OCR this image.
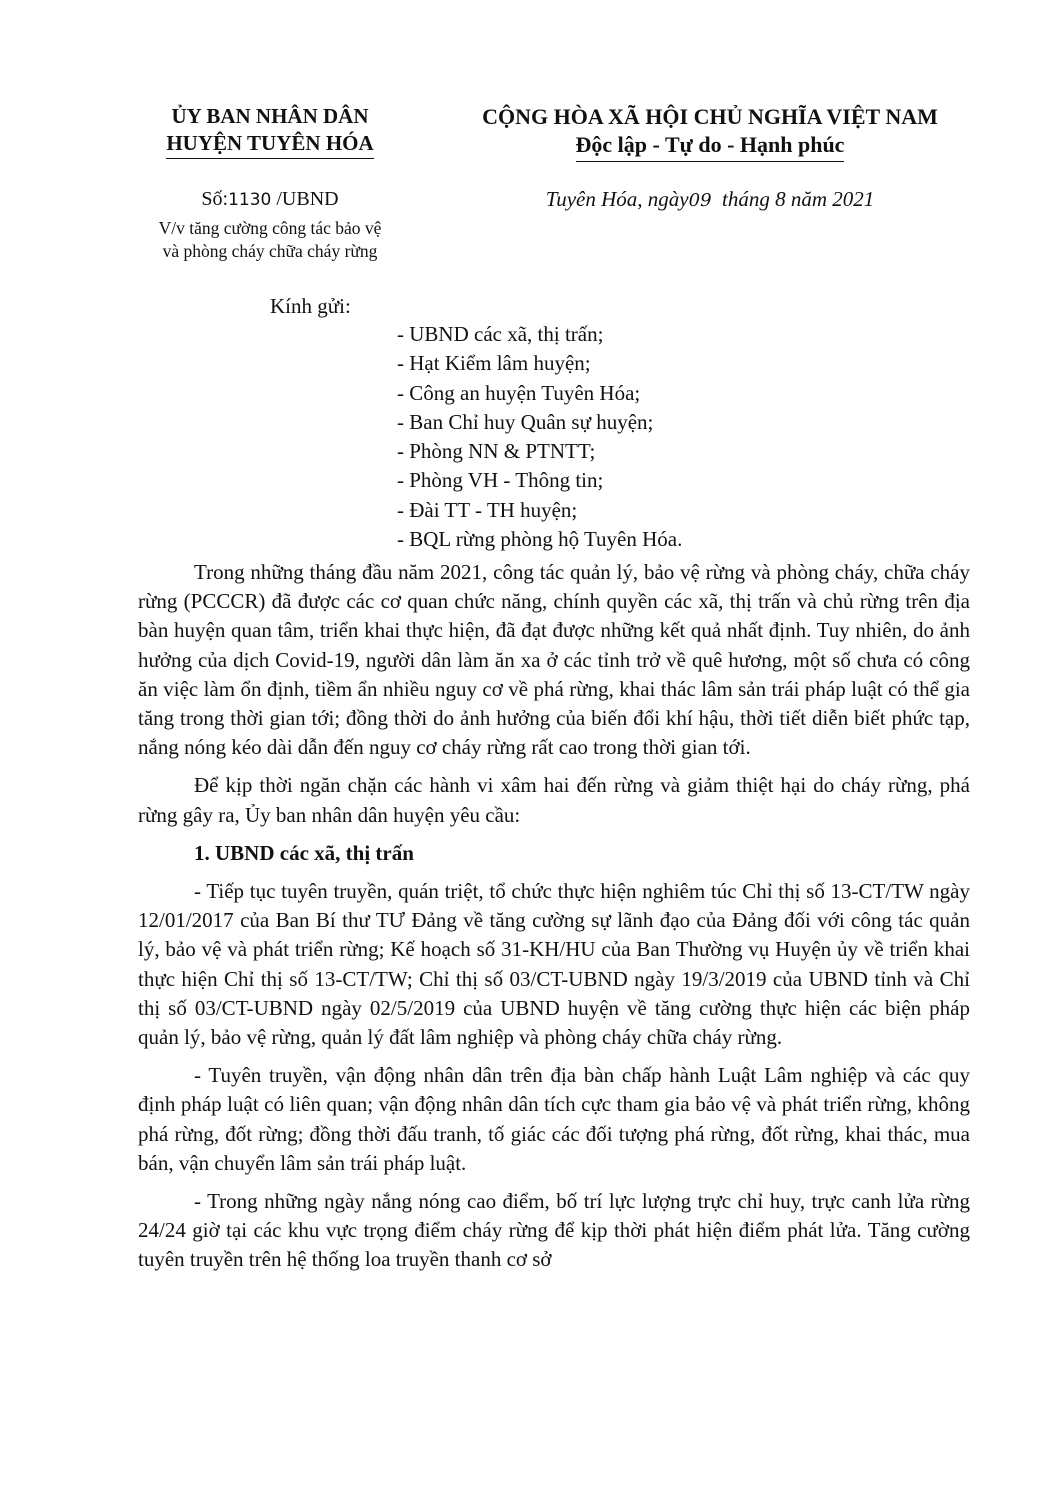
ỦY BAN NHÂN DÂN
HUYỆN TUYÊN HÓA
CỘNG HÒA XÃ HỘI CHỦ NGHĨA VIỆT NAM
Độc lập - Tự do - Hạnh phúc
Số:1130 /UBND
V/v tăng cường công tác bảo vệ
và phòng cháy chữa cháy rừng
Tuyên Hóa, ngày09 tháng 8 năm 2021
Kính gửi:
- UBND các xã, thị trấn;
- Hạt Kiểm lâm huyện;
- Công an huyện Tuyên Hóa;
- Ban Chỉ huy Quân sự huyện;
- Phòng NN & PTNTT;
- Phòng VH - Thông tin;
- Đài TT - TH huyện;
- BQL rừng phòng hộ Tuyên Hóa.

Trong những tháng đầu năm 2021, công tác quản lý, bảo vệ rừng và phòng cháy, chữa cháy rừng (PCCCR) đã được các cơ quan chức năng, chính quyền các xã, thị trấn và chủ rừng trên địa bàn huyện quan tâm, triển khai thực hiện, đã đạt được những kết quả nhất định. Tuy nhiên, do ảnh hưởng của dịch Covid-19, người dân làm ăn xa ở các tỉnh trở về quê hương, một số chưa có công ăn việc làm ổn định, tiềm ẩn nhiều nguy cơ về phá rừng, khai thác lâm sản trái pháp luật có thể gia tăng trong thời gian tới; đồng thời do ảnh hưởng của biến đổi khí hậu, thời tiết diễn biết phức tạp, nắng nóng kéo dài dẫn đến nguy cơ cháy rừng rất cao trong thời gian tới.

Để kịp thời ngăn chặn các hành vi xâm hai đến rừng và giảm thiệt hại do cháy rừng, phá rừng gây ra, Ủy ban nhân dân huyện yêu cầu:

1. UBND các xã, thị trấn

- Tiếp tục tuyên truyền, quán triệt, tổ chức thực hiện nghiêm túc Chỉ thị số 13-CT/TW ngày 12/01/2017 của Ban Bí thư TƯ Đảng về tăng cường sự lãnh đạo của Đảng đối với công tác quản lý, bảo vệ và phát triển rừng; Kế hoạch số 31-KH/HU của Ban Thường vụ Huyện ủy về triển khai thực hiện Chỉ thị số 13-CT/TW; Chỉ thị số 03/CT-UBND ngày 19/3/2019 của UBND tỉnh và Chỉ thị số 03/CT-UBND ngày 02/5/2019 của UBND huyện về tăng cường thực hiện các biện pháp quản lý, bảo vệ rừng, quản lý đất lâm nghiệp và phòng cháy chữa cháy rừng.

- Tuyên truyền, vận động nhân dân trên địa bàn chấp hành Luật Lâm nghiệp và các quy định pháp luật có liên quan; vận động nhân dân tích cực tham gia bảo vệ và phát triển rừng, không phá rừng, đốt rừng; đồng thời đấu tranh, tố giác các đối tượng phá rừng, đốt rừng, khai thác, mua bán, vận chuyển lâm sản trái pháp luật.

- Trong những ngày nắng nóng cao điểm, bố trí lực lượng trực chỉ huy, trực canh lửa rừng 24/24 giờ tại các khu vực trọng điểm cháy rừng để kịp thời phát hiện điểm phát lửa. Tăng cường tuyên truyền trên hệ thống loa truyền thanh cơ sở
